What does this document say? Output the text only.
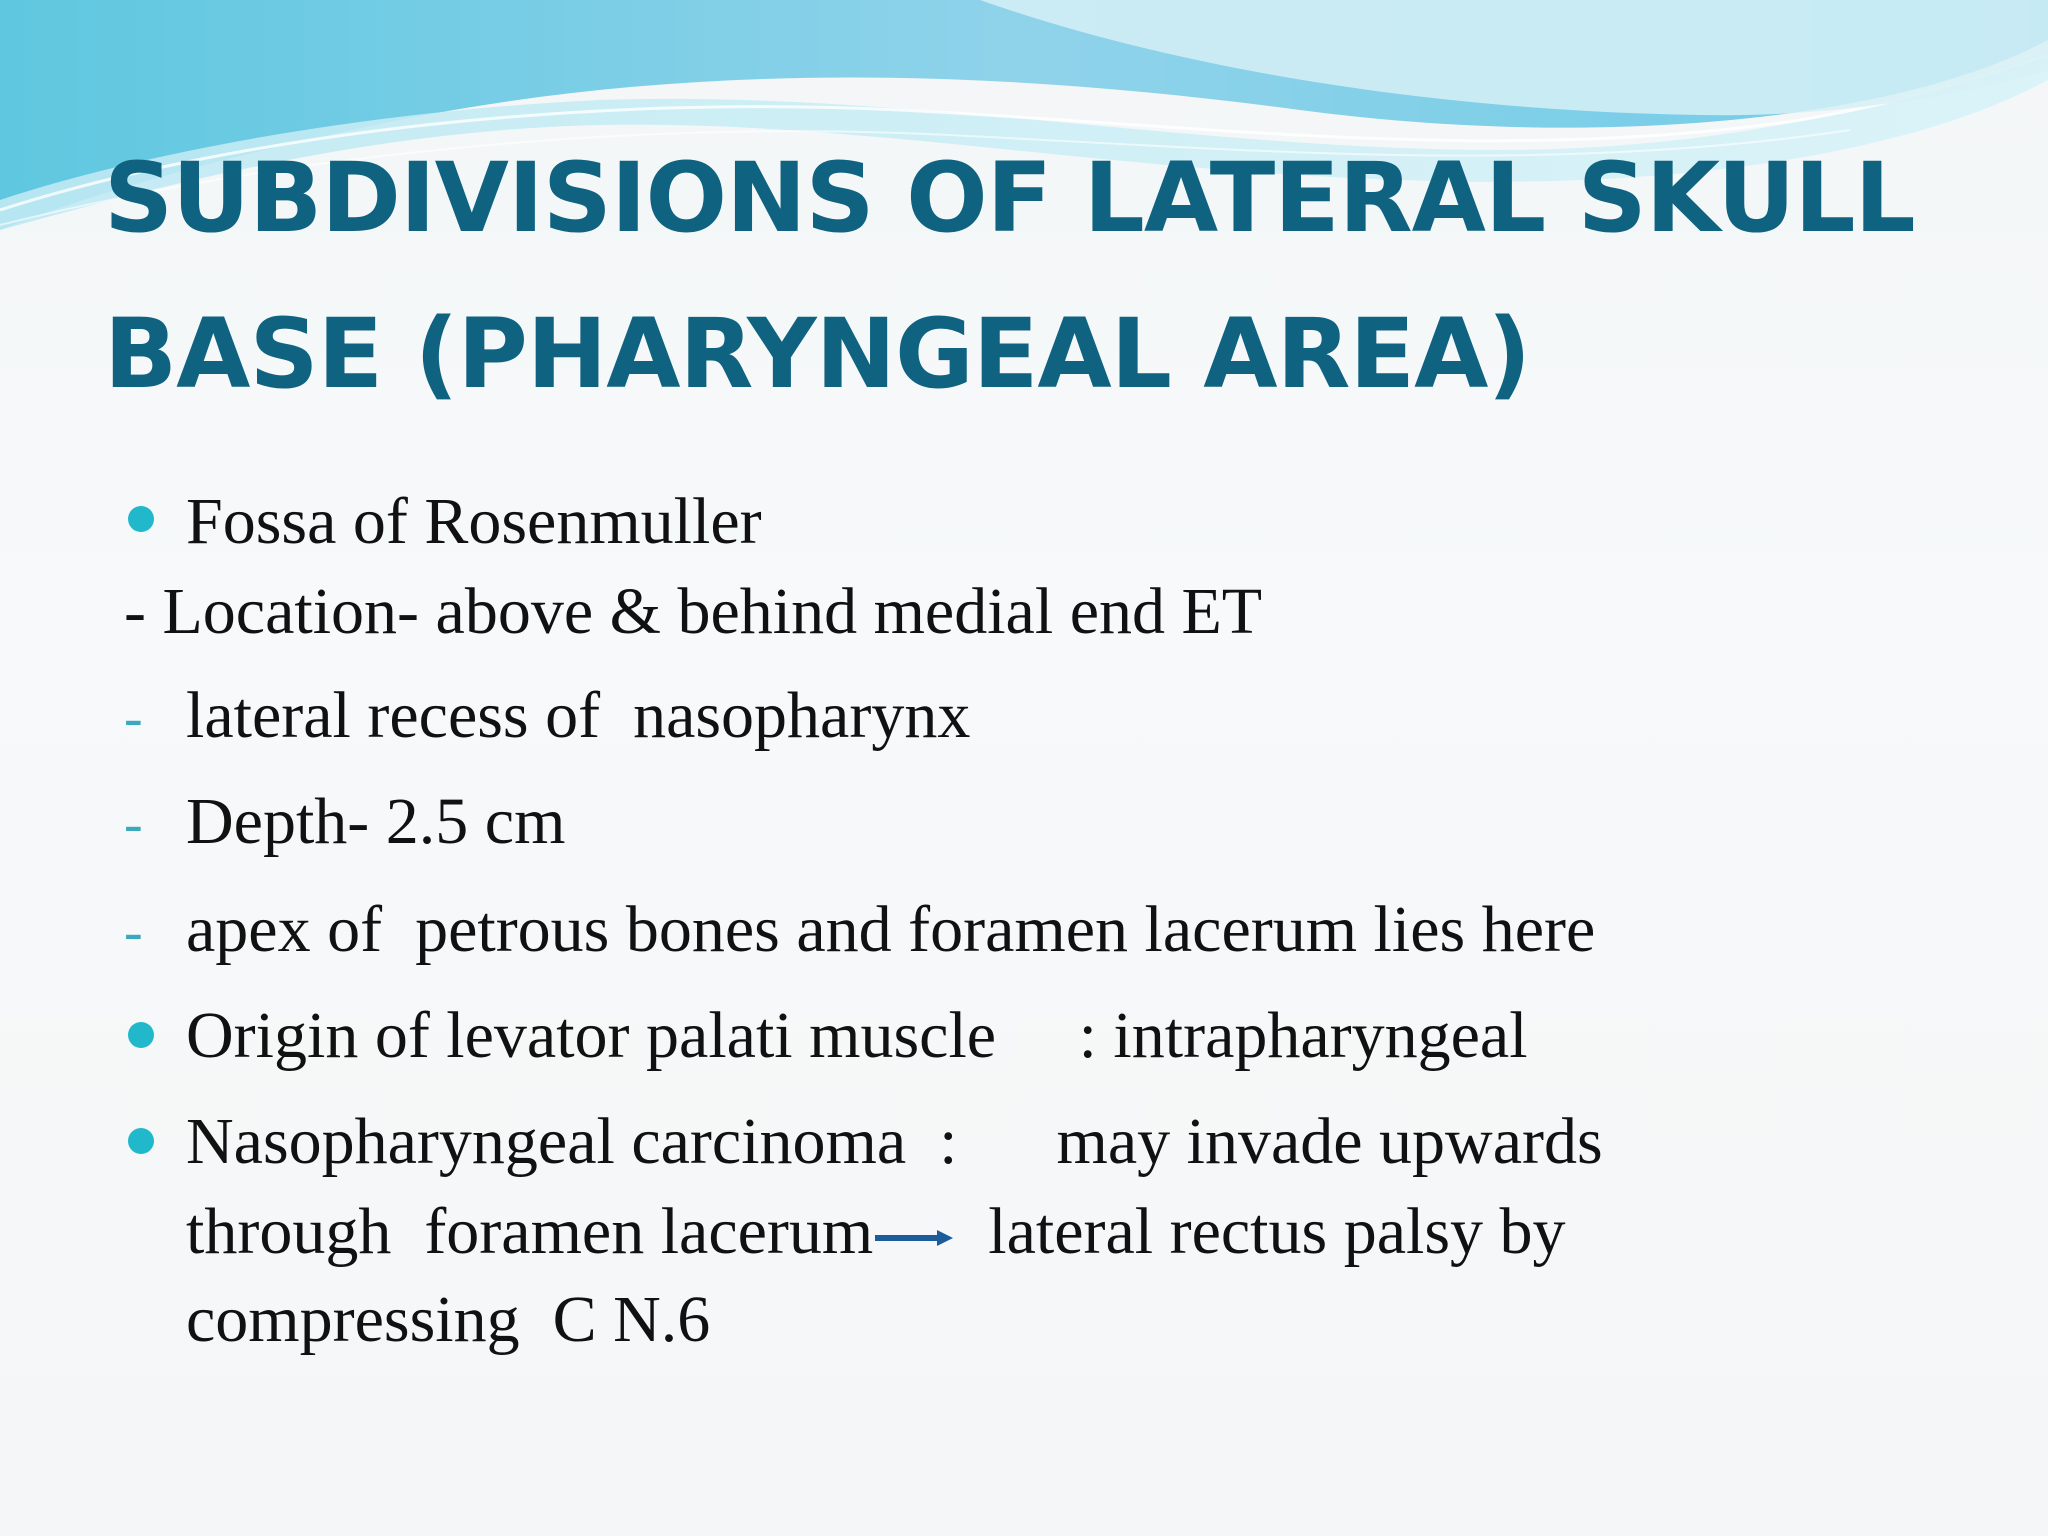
SUBDIVISIONS OF LATERAL SKULL
BASE (PHARYNGEAL AREA)
Fossa of Rosenmuller
- Location- above & behind medial end ET
- lateral recess of  nasopharynx
- Depth- 2.5 cm
- apex of  petrous bones and foramen lacerum lies here
Origin of levator palati muscle     : intrapharyngeal
Nasopharyngeal carcinoma  :      may invade upwards
through  foramen lacerum  lateral rectus palsy by
compressing  C N.6
